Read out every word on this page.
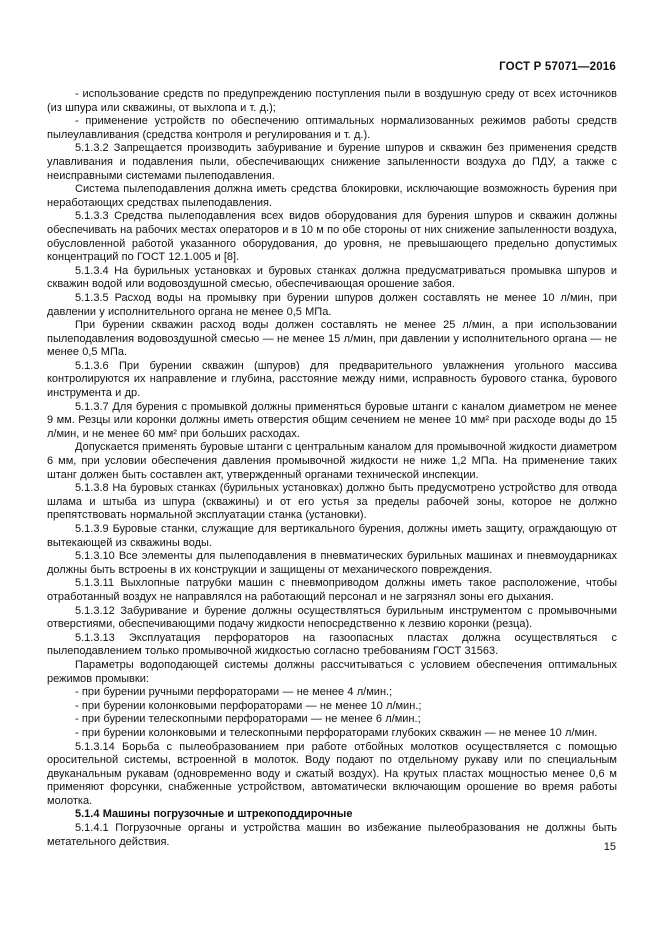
ГОСТ Р 57071—2016

- использование средств по предупреждению поступления пыли в воздушную среду от всех источников (из шпура или скважины, от выхлопа и т. д.);

- применение устройств по обеспечению оптимальных нормализованных режимов работы средств пылеулавливания (средства контроля и регулирования и т. д.).

5.1.3.2 Запрещается производить забуривание и бурение шпуров и скважин без применения средств улавливания и подавления пыли, обеспечивающих снижение запыленности воздуха до ПДУ, а также с неисправными системами пылеподавления.

Система пылеподавления должна иметь средства блокировки, исключающие возможность бурения при неработающих средствах пылеподавления.

5.1.3.3 Средства пылеподавления всех видов оборудования для бурения шпуров и скважин должны обеспечивать на рабочих местах операторов и в 10 м по обе стороны от них снижение запыленности воздуха, обусловленной работой указанного оборудования, до уровня, не превышающего предельно допустимых концентраций по ГОСТ 12.1.005 и [8].

5.1.3.4 На бурильных установках и буровых станках должна предусматриваться промывка шпуров и скважин водой или водовоздушной смесью, обеспечивающая орошение забоя.

5.1.3.5 Расход воды на промывку при бурении шпуров должен составлять не менее 10 л/мин, при давлении у исполнительного органа не менее 0,5 МПа.

При бурении скважин расход воды должен составлять не менее 25 л/мин, а при использовании пылеподавления водовоздушной смесью — не менее 15 л/мин, при давлении у исполнительного органа — не менее 0,5 МПа.

5.1.3.6 При бурении скважин (шпуров) для предварительного увлажнения угольного массива контролируются их направление и глубина, расстояние между ними, исправность бурового станка, бурового инструмента и др.

5.1.3.7 Для бурения с промывкой должны применяться буровые штанги с каналом диаметром не менее 9 мм. Резцы или коронки должны иметь отверстия общим сечением не менее 10 мм² при расходе воды до 15 л/мин, и не менее 60 мм² при больших расходах.

Допускается применять буровые штанги с центральным каналом для промывочной жидкости диаметром 6 мм, при условии обеспечения давления промывочной жидкости не ниже 1,2 МПа. На применение таких штанг должен быть составлен акт, утвержденный органами технической инспекции.

5.1.3.8 На буровых станках (бурильных установках) должно быть предусмотрено устройство для отвода шлама и штыба из шпура (скважины) и от его устья за пределы рабочей зоны, которое не должно препятствовать нормальной эксплуатации станка (установки).

5.1.3.9 Буровые станки, служащие для вертикального бурения, должны иметь защиту, ограждающую от вытекающей из скважины воды.

5.1.3.10 Все элементы для пылеподавления в пневматических бурильных машинах и пневмоударниках должны быть встроены в их конструкции и защищены от механического повреждения.

5.1.3.11 Выхлопные патрубки машин с пневмоприводом должны иметь такое расположение, чтобы отработанный воздух не направлялся на работающий персонал и не загрязнял зоны его дыхания.

5.1.3.12 Забуривание и бурение должны осуществляться бурильным инструментом с промывочными отверстиями, обеспечивающими подачу жидкости непосредственно к лезвию коронки (резца).

5.1.3.13 Эксплуатация перфораторов на газоопасных пластах должна осуществляться с пылеподавлением только промывочной жидкостью согласно требованиям ГОСТ 31563.

Параметры водоподающей системы должны рассчитываться с условием обеспечения оптимальных режимов промывки:

- при бурении ручными перфораторами — не менее 4 л/мин.;

- при бурении колонковыми перфораторами — не менее 10 л/мин.;

- при бурении телескопными перфораторами — не менее 6 л/мин.;

- при бурении колонковыми и телескопными перфораторами глубоких скважин — не менее 10 л/мин.

5.1.3.14 Борьба с пылеобразованием при работе отбойных молотков осуществляется с помощью оросительной системы, встроенной в молоток. Воду подают по отдельному рукаву или по специальным двуканальным рукавам (одновременно воду и сжатый воздух). На крутых пластах мощностью менее 0,6 м применяют форсунки, снабженные устройством, автоматически включающим орошение во время работы молотка.

5.1.4 Машины погрузочные и штрекоподдирочные

5.1.4.1 Погрузочные органы и устройства машин во избежание пылеобразования не должны быть метательного действия.	15
